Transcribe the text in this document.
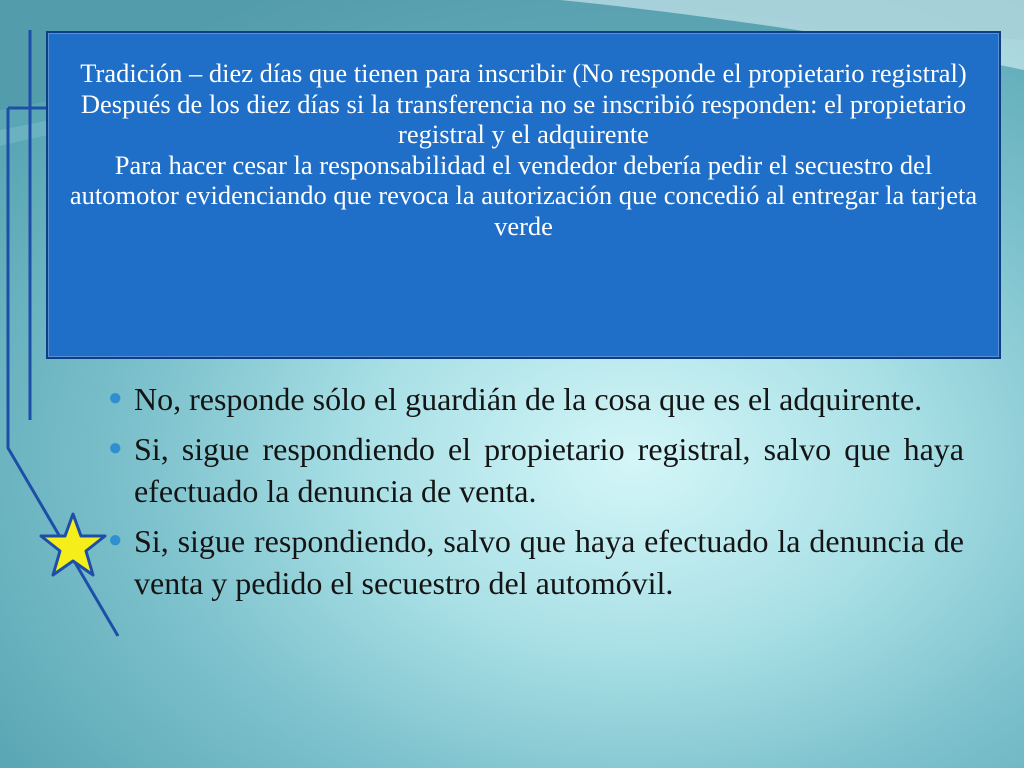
● No, responde sólo el guardián de la cosa que es el adquirente.
● Si, sigue respondiendo el propietario registral, salvo que haya efectuado la denuncia de venta.
● Si, sigue respondiendo, salvo que haya efectuado la denuncia de venta y pedido el secuestro del automóvil.

Tradición – diez días que tienen para inscribir (No responde el propietario registral)

Después de los diez días si la transferencia no se inscribió responden: el propietario registral y el adquirente

Para hacer cesar la responsabilidad el vendedor debería pedir el secuestro del automotor evidenciando que revoca la autorización que concedió al entregar la tarjeta verde
